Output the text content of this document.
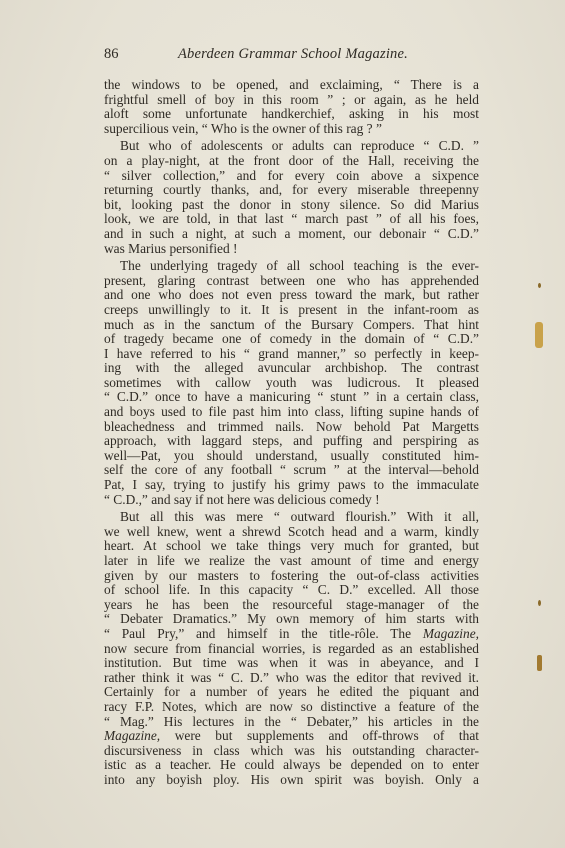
86	Aberdeen Grammar School Magazine.
the windows to be opened, and exclaiming, “ There is a
frightful smell of boy in this room ” ; or again, as he held
aloft some unfortunate handkerchief, asking in his most
supercilious vein, “ Who is the owner of this rag ? ”
But who of adolescents or adults can reproduce “ C.D. ”
on a play-night, at the front door of the Hall, receiving the
“ silver collection,” and for every coin above a sixpence
returning courtly thanks, and, for every miserable threepenny
bit, looking past the donor in stony silence. So did Marius
look, we are told, in that last “ march past ” of all his foes,
and in such a night, at such a moment, our debonair “ C.D.”
was Marius personified !
The underlying tragedy of all school teaching is the ever-
present, glaring contrast between one who has apprehended
and one who does not even press toward the mark, but rather
creeps unwillingly to it. It is present in the infant-room as
much as in the sanctum of the Bursary Compers. That hint
of tragedy became one of comedy in the domain of “ C.D.”
I have referred to his “ grand manner,” so perfectly in keep-
ing with the alleged avuncular archbishop. The contrast
sometimes with callow youth was ludicrous. It pleased
“ C.D.” once to have a manicuring “ stunt ” in a certain class,
and boys used to file past him into class, lifting supine hands of
bleachedness and trimmed nails. Now behold Pat Margetts
approach, with laggard steps, and puffing and perspiring as
well—Pat, you should understand, usually constituted him-
self the core of any football “ scrum ” at the interval—behold
Pat, I say, trying to justify his grimy paws to the immaculate
“ C.D.,” and say if not here was delicious comedy !
But all this was mere “ outward flourish.” With it all,
we well knew, went a shrewd Scotch head and a warm, kindly
heart. At school we take things very much for granted, but
later in life we realize the vast amount of time and energy
given by our masters to fostering the out-of-class activities
of school life. In this capacity “ C. D.” excelled. All those
years he has been the resourceful stage-manager of the
“ Debater Dramatics.” My own memory of him starts with
“ Paul Pry,” and himself in the title-rôle. The Magazine,
now secure from financial worries, is regarded as an established
institution. But time was when it was in abeyance, and I
rather think it was “ C. D.” who was the editor that revived it.
Certainly for a number of years he edited the piquant and
racy F.P. Notes, which are now so distinctive a feature of the
“ Mag.” His lectures in the “ Debater,” his articles in the
Magazine, were but supplements and off-throws of that
discursiveness in class which was his outstanding character-
istic as a teacher. He could always be depended on to enter
into any boyish ploy. His own spirit was boyish. Only a
